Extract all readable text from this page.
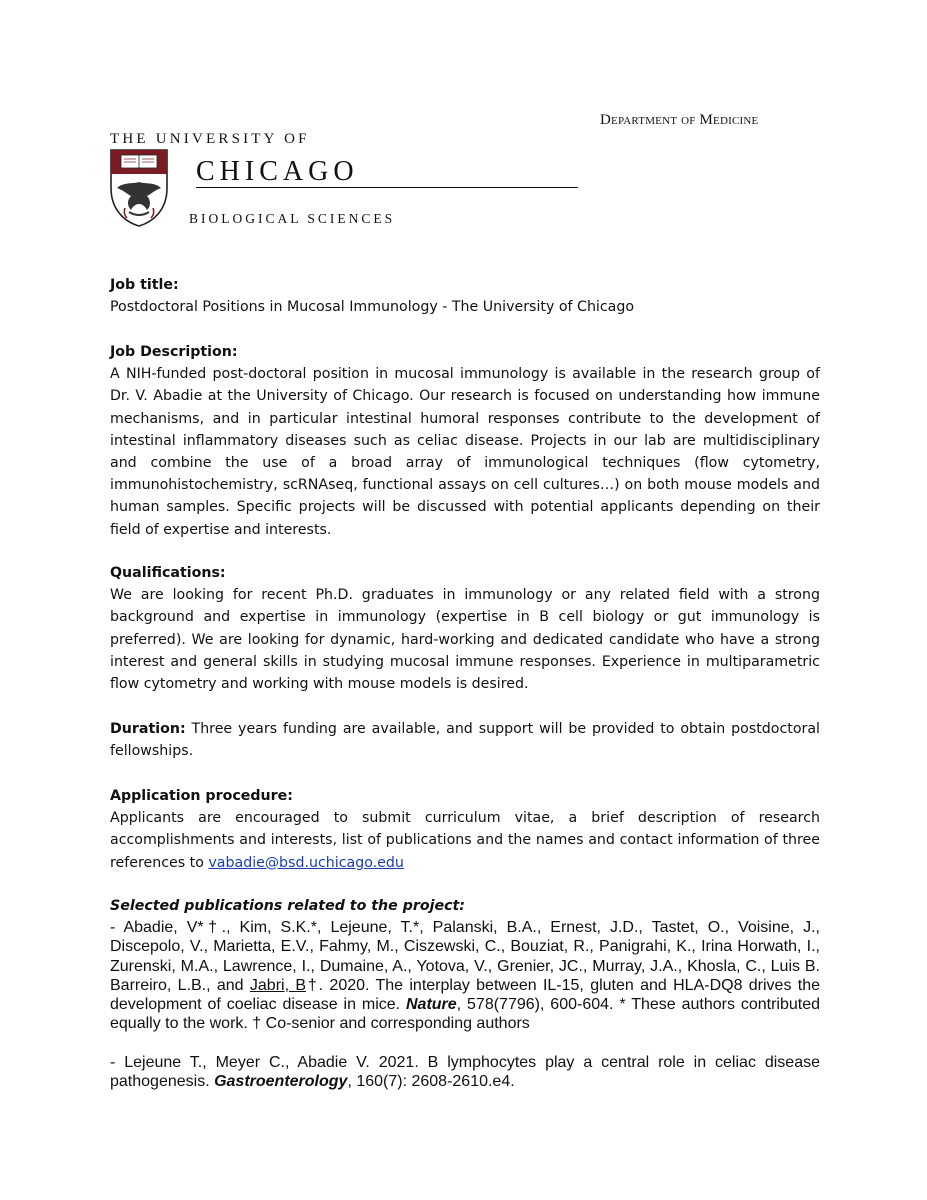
Department of Medicine
THE UNIVERSITY OF
CHICAGO
BIOLOGICAL SCIENCES
Job title:
Postdoctoral Positions in Mucosal Immunology - The University of Chicago
Job Description:

A NIH-funded post-doctoral position in mucosal immunology is available in the research group of Dr. V. Abadie at the University of Chicago. Our research is focused on understanding how immune mechanisms, and in particular intestinal humoral responses contribute to the development of intestinal inflammatory diseases such as celiac disease. Projects in our lab are multidisciplinary and combine the use of a broad array of immunological techniques (flow cytometry, immunohistochemistry, scRNAseq, functional assays on cell cultures…) on both mouse models and human samples. Specific projects will be discussed with potential applicants depending on their field of expertise and interests.

Qualifications:

We are looking for recent Ph.D. graduates in immunology or any related field with a strong background and expertise in immunology (expertise in B cell biology or gut immunology is preferred). We are looking for dynamic, hard-working and dedicated candidate who have a strong interest and general skills in studying mucosal immune responses. Experience in multiparametric flow cytometry and working with mouse models is desired.

Duration: Three years funding are available, and support will be provided to obtain postdoctoral fellowships.
Application procedure:

Applicants are encouraged to submit curriculum vitae, a brief description of research accomplishments and interests, list of publications and the names and contact information of three references to vabadie@bsd.uchicago.edu

Selected publications related to the project:

- Abadie, V*†., Kim, S.K.*, Lejeune, T.*, Palanski, B.A., Ernest, J.D., Tastet, O., Voisine, J., Discepolo, V., Marietta, E.V., Fahmy, M., Ciszewski, C., Bouziat, R., Panigrahi, K., Irina Horwath, I., Zurenski, M.A., Lawrence, I., Dumaine, A., Yotova, V., Grenier, JC., Murray, J.A., Khosla, C., Luis B. Barreiro, L.B., and Jabri, B†. 2020. The interplay between IL-15, gluten and HLA-DQ8 drives the development of coeliac disease in mice. Nature, 578(7796), 600-604. * These authors contributed equally to the work. † Co-senior and corresponding authors

- Lejeune T., Meyer C., Abadie V. 2021. B lymphocytes play a central role in celiac disease pathogenesis. Gastroenterology, 160(7): 2608-2610.e4.
